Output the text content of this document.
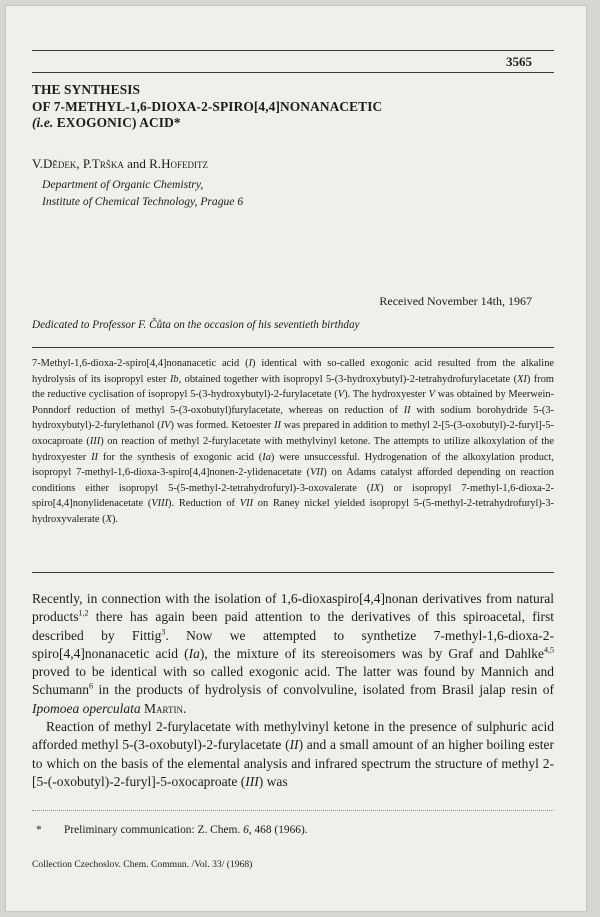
3565
THE SYNTHESIS
OF 7-METHYL-1,6-DIOXA-2-SPIRO[4,4]NONANACETIC
(i.e. EXOGONIC) ACID*
V.Dědek, P.Trška and R.Hofeditz
Department of Organic Chemistry,
Institute of Chemical Technology, Prague 6
Received November 14th, 1967
Dedicated to Professor F. Čůta on the occasion of his seventieth birthday
7-Methyl-1,6-dioxa-2-spiro[4,4]nonanacetic acid (I) identical with so-called exogonic acid resulted from the alkaline hydrolysis of its isopropyl ester Ib, obtained together with isopropyl 5-(3-hydroxybutyl)-2-tetrahydrofurylacetate (XI) from the reductive cyclisation of isopropyl 5-(3-hydroxybutyl)-2-furylacetate (V). The hydroxyester V was obtained by Meerwein-Ponndorf reduction of methyl 5-(3-oxobutyl)furylacetate, whereas on reduction of II with sodium borohydride 5-(3-hydroxybutyl)-2-furylethanol (IV) was formed. Ketoester II was prepared in addition to methyl 2-[5-(3-oxobutyl)-2-furyl]-5-oxocaproate (III) on reaction of methyl 2-furylacetate with methylvinyl ketone. The attempts to utilize alkoxylation of the hydroxyester II for the synthesis of exogonic acid (Ia) were unsuccessful. Hydrogenation of the alkoxylation product, isopropyl 7-methyl-1,6-dioxa-3-spiro[4,4]nonen-2-ylidenacetate (VII) on Adams catalyst afforded depending on reaction conditions either isopropyl 5-(5-methyl-2-tetrahydrofuryl)-3-oxovalerate (IX) or isopropyl 7-methyl-1,6-dioxa-2-spiro[4,4]nonylidenacetate (VIII). Reduction of VII on Raney nickel yielded isopropyl 5-(5-methyl-2-tetrahydrofuryl)-3-hydroxyvalerate (X).

Recently, in connection with the isolation of 1,6-dioxaspiro[4,4]nonan derivatives from natural products$^{1,2}$ there has again been paid attention to the derivatives of this spiroacetal, first described by Fittig$^3$. Now we attempted to synthetize 7-methyl-1,6-dioxa-2-spiro[4,4]nonanacetic acid (Ia), the mixture of its stereoisomers was by Graf and Dahlke$^{4,5}$ proved to be identical with so called exogonic acid. The latter was found by Mannich and Schumann$^6$ in the products of hydrolysis of convolvuline, isolated from Brasil jalap resin of Ipomoea operculata Martin.

Reaction of methyl 2-furylacetate with methylvinyl ketone in the presence of sulphuric acid afforded methyl 5-(3-oxobutyl)-2-furylacetate (II) and a small amount of an higher boiling ester to which on the basis of the elemental analysis and infrared spectrum the structure of methyl 2-[5-(-oxobutyl)-2-furyl]-5-oxocaproate (III) was

* Preliminary communication: Z. Chem. 6, 468 (1966).
Collection Czechoslov. Chem. Commun. /Vol. 33/ (1968)
